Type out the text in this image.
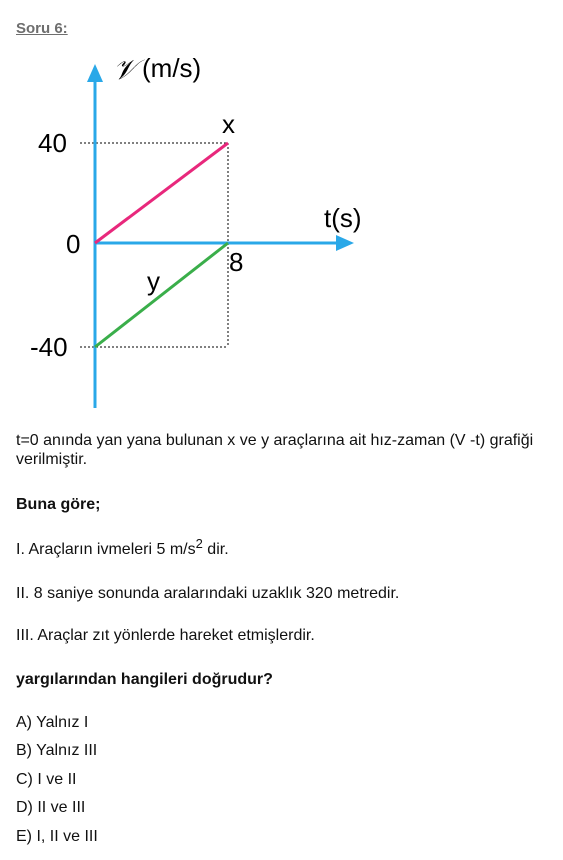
Soru 6:
𝒱 (m/s)
t(s)
40
0
-40
8
x
y

t=0 anında yan yana bulunan x ve y araçlarına ait hız-zaman (V -t) grafiği verilmiştir.

Buna göre;

I. Araçların ivmeleri 5 $m/s^2$ dir.

II. 8 saniye sonunda aralarındaki uzaklık 320 metredir.

III. Araçlar zıt yönlerde hareket etmişlerdir.

yargılarından hangileri doğrudur?

A) Yalnız I

B) Yalnız III

C) I ve II

D) II ve III

E) I, II ve III
